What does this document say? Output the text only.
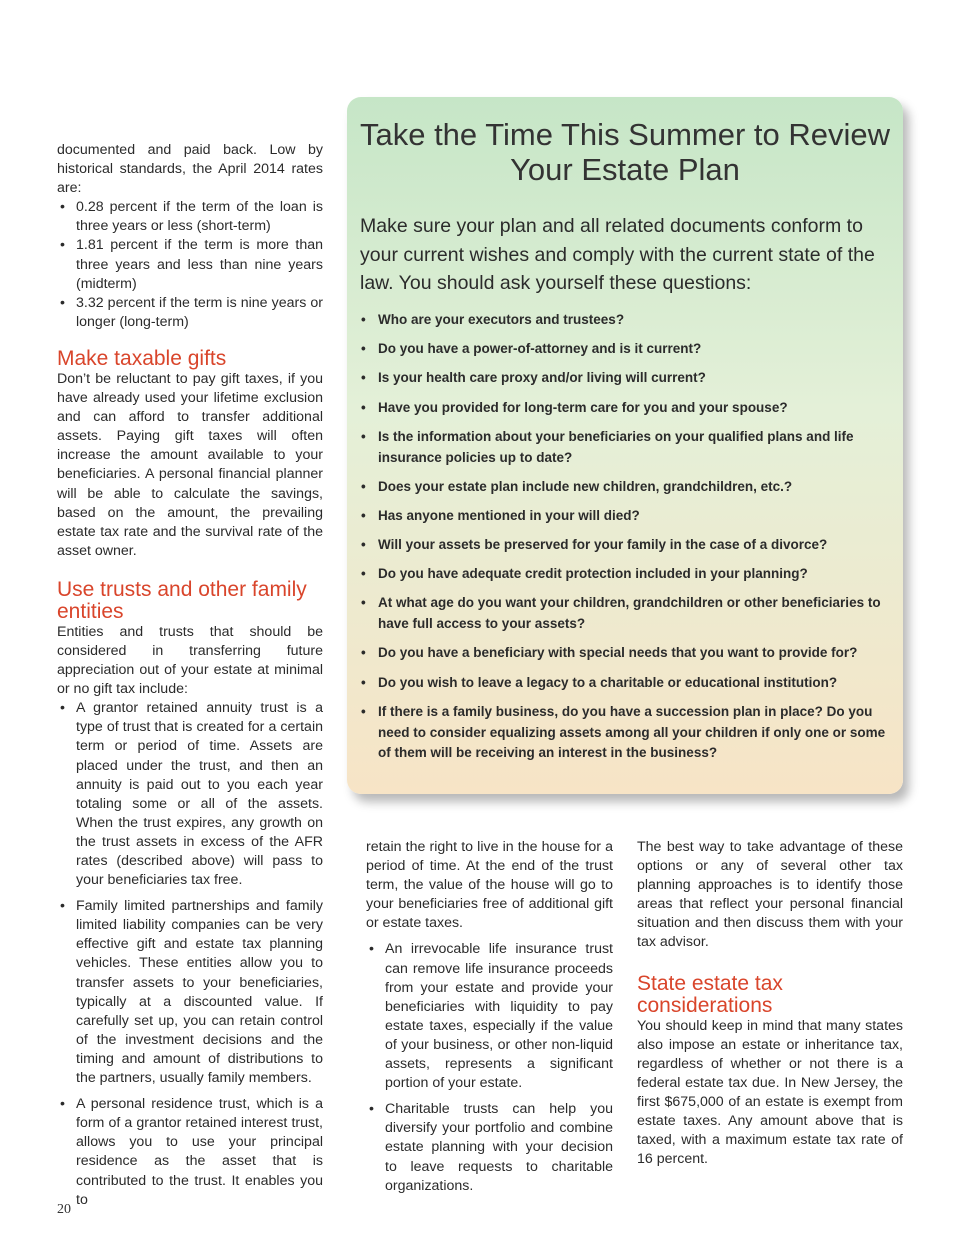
documented and paid back. Low by historical standards, the April 2014 rates are:

• 0.28 percent if the term of the loan is three years or less (short-term)
• 1.81 percent if the term is more than three years and less than nine years (midterm)
• 3.32 percent if the term is nine years or longer (long-term)
Make taxable gifts

Don’t be reluctant to pay gift taxes, if you have already used your lifetime exclusion and can afford to transfer additional assets. Paying gift taxes will often increase the amount available to your beneficiaries. A personal financial planner will be able to calculate the savings, based on the amount, the prevailing estate tax rate and the survival rate of the asset owner.

Use trusts and other family entities

Entities and trusts that should be considered in transferring future appreciation out of your estate at minimal or no gift tax include:

• A grantor retained annuity trust is a type of trust that is created for a certain term or period of time. Assets are placed under the trust, and then an annuity is paid out to you each year totaling some or all of the assets. When the trust expires, any growth on the trust assets in excess of the AFR rates (described above) will pass to your beneficiaries tax free.
• Family limited partnerships and family limited liability companies can be very effective gift and estate tax planning vehicles. These entities allow you to transfer assets to your beneficiaries, typically at a discounted value. If carefully set up, you can retain control of the investment decisions and the timing and amount of distributions to the partners, usually family members.
• A personal residence trust, which is a form of a grantor retained interest trust, allows you to use your principal residence as the asset that is contributed to the trust. It enables you to
Take the Time This Summer to Review Your Estate Plan

Make sure your plan and all related documents conform to your current wishes and comply with the current state of the law. You should ask yourself these questions:

• Who are your executors and trustees?
• Do you have a power-of-attorney and is it current?
• Is your health care proxy and/or living will current?
• Have you provided for long-term care for you and your spouse?
• Is the information about your beneficiaries on your qualified plans and life insurance policies up to date?
• Does your estate plan include new children, grandchildren, etc.?
• Has anyone mentioned in your will died?
• Will your assets be preserved for your family in the case of a divorce?
• Do you have adequate credit protection included in your planning?
• At what age do you want your children, grandchildren or other beneficiaries to have full access to your assets?
• Do you have a beneficiary with special needs that you want to provide for?
• Do you wish to leave a legacy to a charitable or educational institution?
• If there is a family business, do you have a succession plan in place? Do you need to consider equalizing assets among all your children if only one or some of them will be receiving an interest in the business?

retain the right to live in the house for a period of time. At the end of the trust term, the value of the house will go to your beneficiaries free of additional gift or estate taxes.

• An irrevocable life insurance trust can remove life insurance proceeds from your estate and provide your beneficiaries with liquidity to pay estate taxes, especially if the value of your business, or other non-liquid assets, represents a significant portion of your estate.
• Charitable trusts can help you diversify your portfolio and combine estate planning with your decision to leave requests to charitable organizations.

The best way to take advantage of these options or any of several other tax planning approaches is to identify those areas that reflect your personal financial situation and then discuss them with your tax advisor.

State estate tax considerations

You should keep in mind that many states also impose an estate or inheritance tax, regardless of whether or not there is a federal estate tax due. In New Jersey, the first $675,000 of an estate is exempt from estate taxes. Any amount above that is taxed, with a maximum estate tax rate of 16 percent.

20
